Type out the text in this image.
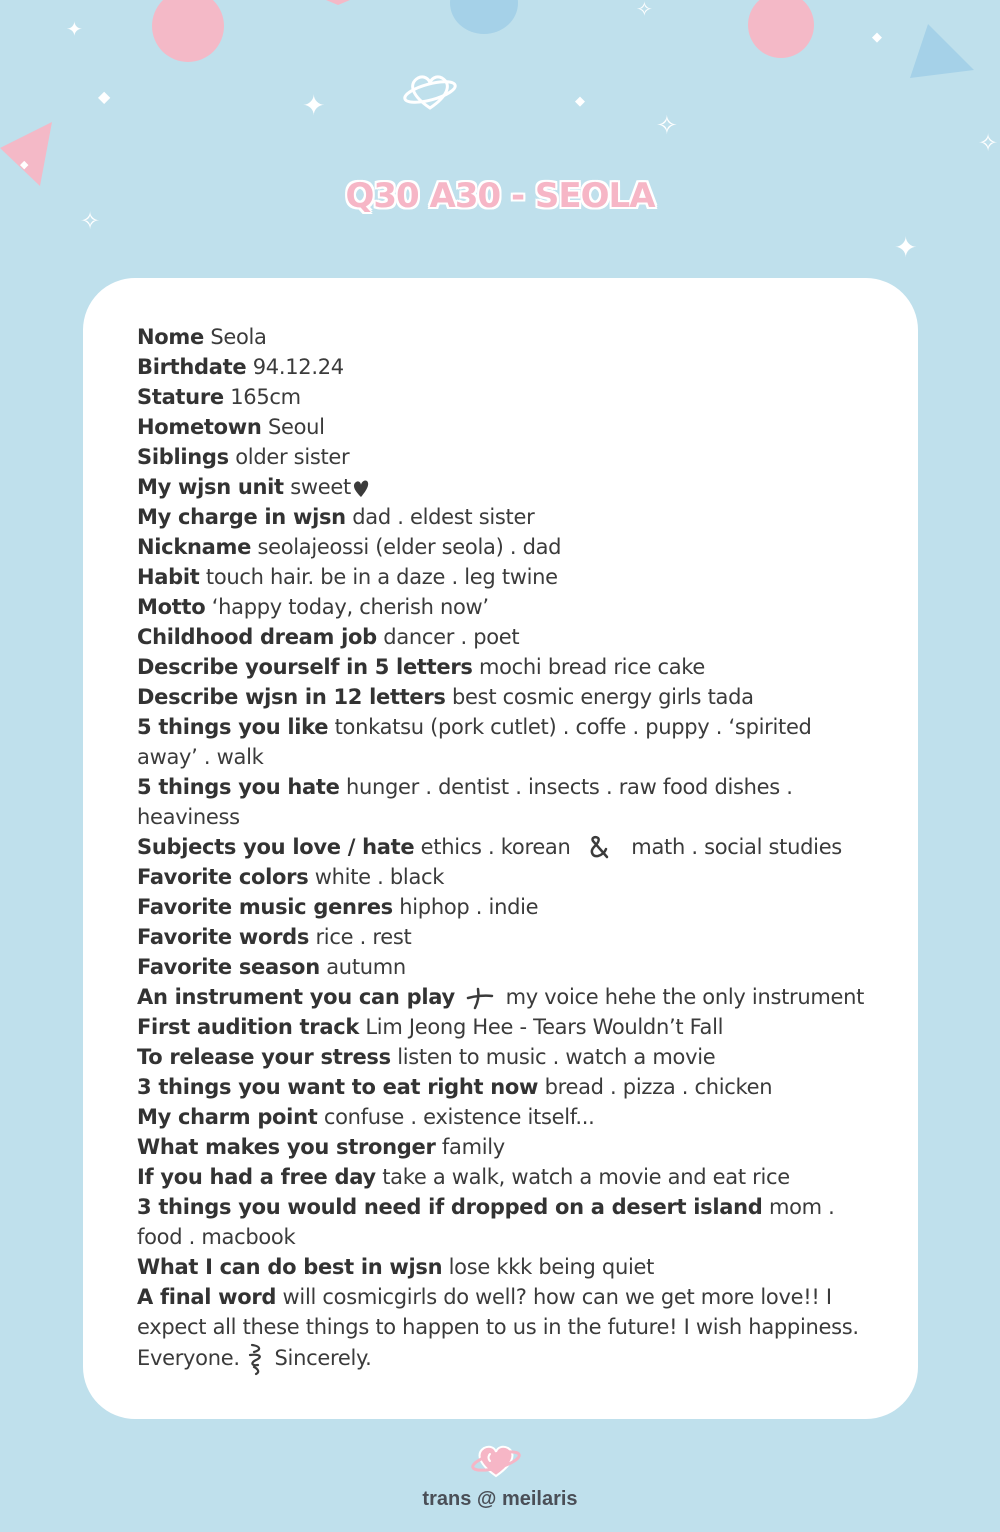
✦
✦
✧
✧
✧
✦
✧
◆
◆
◆
◆
Q30 A30 - SEOLA

Nome Seola

Birthdate 94.12.24

Stature 165cm

Hometown Seoul

Siblings older sister

My wjsn unit sweet

My charge in wjsn dad . eldest sister

Nickname seolajeossi (elder seola) . dad

Habit touch hair. be in a daze . leg twine

Motto ‘happy today, cherish now’

Childhood dream job dancer . poet

Describe yourself in 5 letters mochi bread rice cake

Describe wjsn in 12 letters best cosmic energy girls tada

5 things you like tonkatsu (pork cutlet) . coffe . puppy . ‘spirited away’ . walk

5 things you hate hunger . dentist . insects . raw food dishes . heaviness

Subjects you love / hate ethics . korean	math . social studies

Favorite colors white . black

Favorite music genres hiphop . indie

Favorite words rice . rest

Favorite season autumn

An instrument you can play my voice hehe the only instrument

First audition track Lim Jeong Hee - Tears Wouldn’t Fall

To release your stress listen to music . watch a movie

3 things you want to eat right now bread . pizza . chicken

My charm point confuse . existence itself...

What makes you stronger family

If you had a free day take a walk, watch a movie and eat rice

3 things you would need if dropped on a desert island mom . food . macbook

What I can do best in wjsn lose kkk being quiet

A final word will cosmicgirls do well? how can we get more love!! I expect all these things to happen to us in the future! I wish happiness. Everyone. Sincerely.

trans @ meilaris
